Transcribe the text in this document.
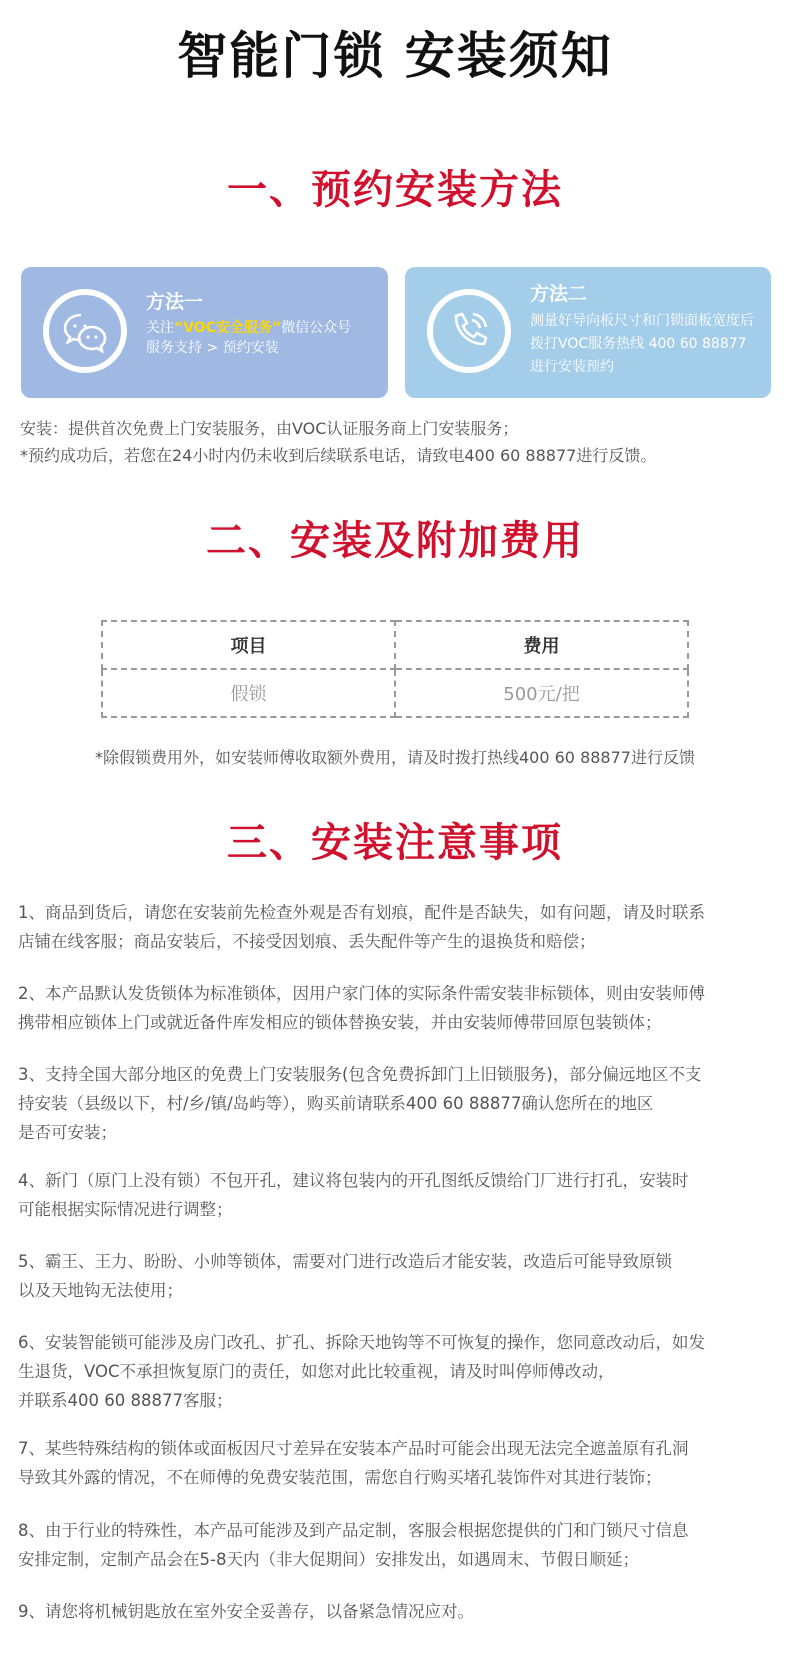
智能门锁 安装须知
一、预约安装方法
方法一
关注“VOC安全服务”微信公众号
服务支持 > 预约安装
方法二
测量好导向板尺寸和门锁面板宽度后
拨打VOC服务热线 400 60 88877
进行安装预约
安装：提供首次免费上门安装服务，由VOC认证服务商上门安装服务；
*预约成功后，若您在24小时内仍未收到后续联系电话，请致电400 60 88877进行反馈。
二、安装及附加费用
项目	费用
假锁	500元/把
*除假锁费用外，如安装师傅收取额外费用，请及时拨打热线400 60 88877进行反馈
三、安装注意事项
1、商品到货后，请您在安装前先检查外观是否有划痕，配件是否缺失，如有问题，请及时联系
店铺在线客服；商品安装后，不接受因划痕、丢失配件等产生的退换货和赔偿；
2、本产品默认发货锁体为标准锁体，因用户家门体的实际条件需安装非标锁体，则由安装师傅
携带相应锁体上门或就近备件库发相应的锁体替换安装，并由安装师傅带回原包装锁体；
3、支持全国大部分地区的免费上门安装服务(包含免费拆卸门上旧锁服务)，部分偏远地区不支
持安装（县级以下，村/乡/镇/岛屿等），购买前请联系400 60 88877确认您所在的地区
是否可安装；
4、新门（原门上没有锁）不包开孔，建议将包装内的开孔图纸反馈给门厂进行打孔，安装时
可能根据实际情况进行调整；
5、霸王、王力、盼盼、小帅等锁体，需要对门进行改造后才能安装，改造后可能导致原锁
以及天地钩无法使用；
6、安装智能锁可能涉及房门改孔、扩孔、拆除天地钩等不可恢复的操作，您同意改动后，如发
生退货，VOC不承担恢复原门的责任，如您对此比较重视，请及时叫停师傅改动，
并联系400 60 88877客服；
7、某些特殊结构的锁体或面板因尺寸差异在安装本产品时可能会出现无法完全遮盖原有孔洞
导致其外露的情况，不在师傅的免费安装范围，需您自行购买堵孔装饰件对其进行装饰；
8、由于行业的特殊性，本产品可能涉及到产品定制，客服会根据您提供的门和门锁尺寸信息
安排定制，定制产品会在5-8天内（非大促期间）安排发出，如遇周末、节假日顺延；
9、请您将机械钥匙放在室外安全妥善存，以备紧急情况应对。
